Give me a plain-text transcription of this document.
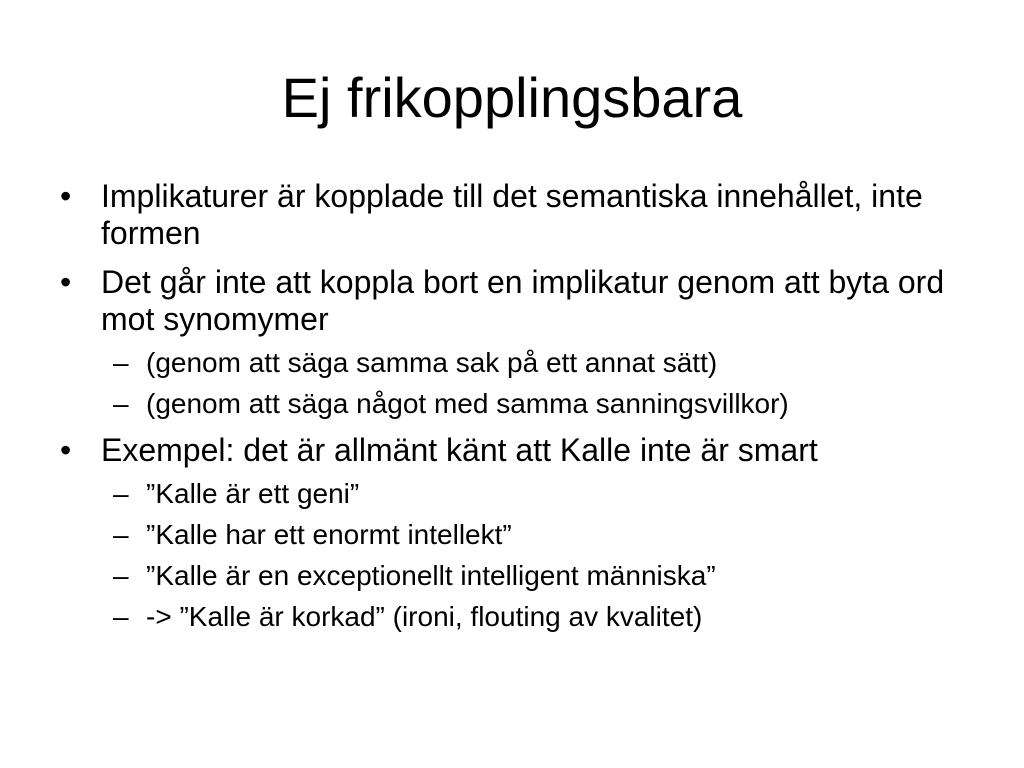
Ej frikopplingsbara
• Implikaturer är kopplade till det semantiska innehållet, inte formen
• Det går inte att koppla bort en implikatur genom att byta ord mot synomymer
– (genom att säga samma sak på ett annat sätt)
– (genom att säga något med samma sanningsvillkor)
• Exempel: det är allmänt känt att Kalle inte är smart
– ”Kalle är ett geni”
– ”Kalle har ett enormt intellekt”
– ”Kalle är en exceptionellt intelligent människa”
– -> ”Kalle är korkad” (ironi, flouting av kvalitet)
